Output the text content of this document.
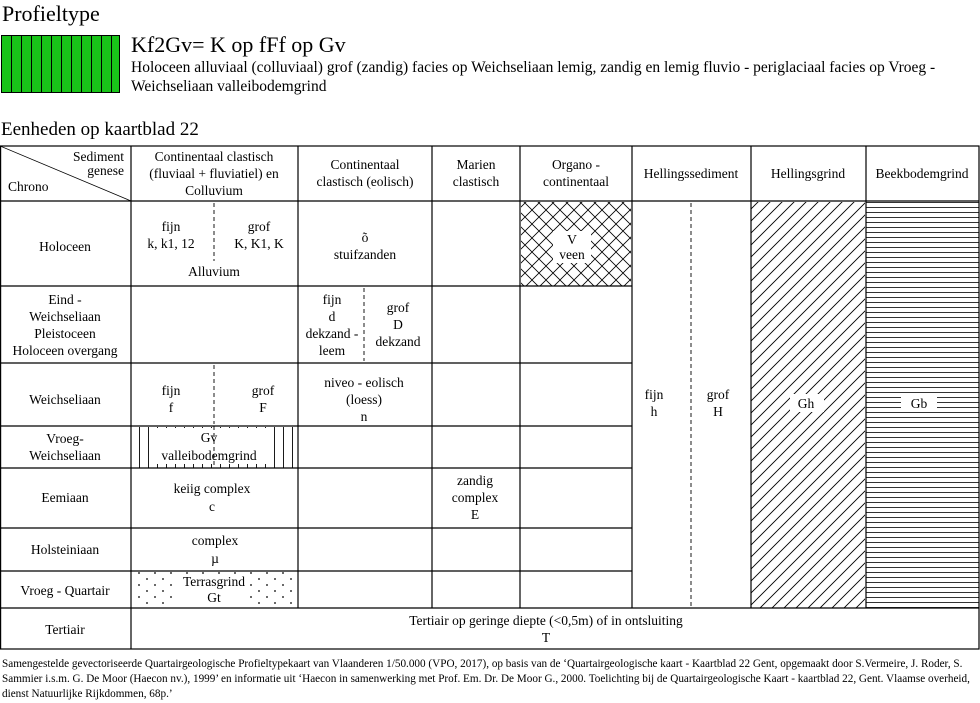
Profieltype
Kf2Gv= K op fFf op Gv
Holoceen alluviaal (colluviaal) grof (zandig) facies op Weichseliaan lemig, zandig en lemig fluvio - periglaciaal facies op Vroeg - Weichseliaan valleibodemgrind
Eenheden op kaartblad 22
Sediment
genese
Chrono
Continentaal clastisch
(fluviaal + fluviatiel) en
Colluvium
Continentaal
clastisch (eolisch)
Marien
clastisch
Organo -
continentaal
Hellingssediment Hellingsgrind Beekbodemgrind
Holoceen
Eind -
Weichseliaan
Pleistoceen
Holoceen overgang
Weichseliaan
Vroeg-
Weichseliaan
Eemiaan
Holsteiniaan
Vroeg - Quartair
Tertiair
fijn
k, k1, 12
grof
K, K1, K
Alluvium
õ
stuifzanden
V
veen
fijn
d
dekzand -
leem
grof
D
dekzand
fijn
f
grof
F
niveo - eolisch
(loess)
n
Gv
valleibodemgrind
keiig complex
c
zandig
complex
E
complex
µ
Terrasgrind
Gt
fijn
h
grof
H
Gh	Gb
Tertiair op geringe diepte (<0,5m) of in ontsluiting
T
Samengestelde gevectoriseerde Quartairgeologische Profieltypekaart van Vlaanderen 1/50.000 (VPO, 2017), op basis van de ‘Quartairgeologische kaart - Kaartblad 22 Gent, opgemaakt door S.Vermeire, J. Roder, S. Sammier i.s.m. G. De Moor (Haecon nv.), 1999’ en informatie uit ‘Haecon in samenwerking met Prof. Em. Dr. De Moor G., 2000. Toelichting bij de Quartairgeologische Kaart - kaartblad 22, Gent. Vlaamse overheid, dienst Natuurlijke Rijkdommen, 68p.’
